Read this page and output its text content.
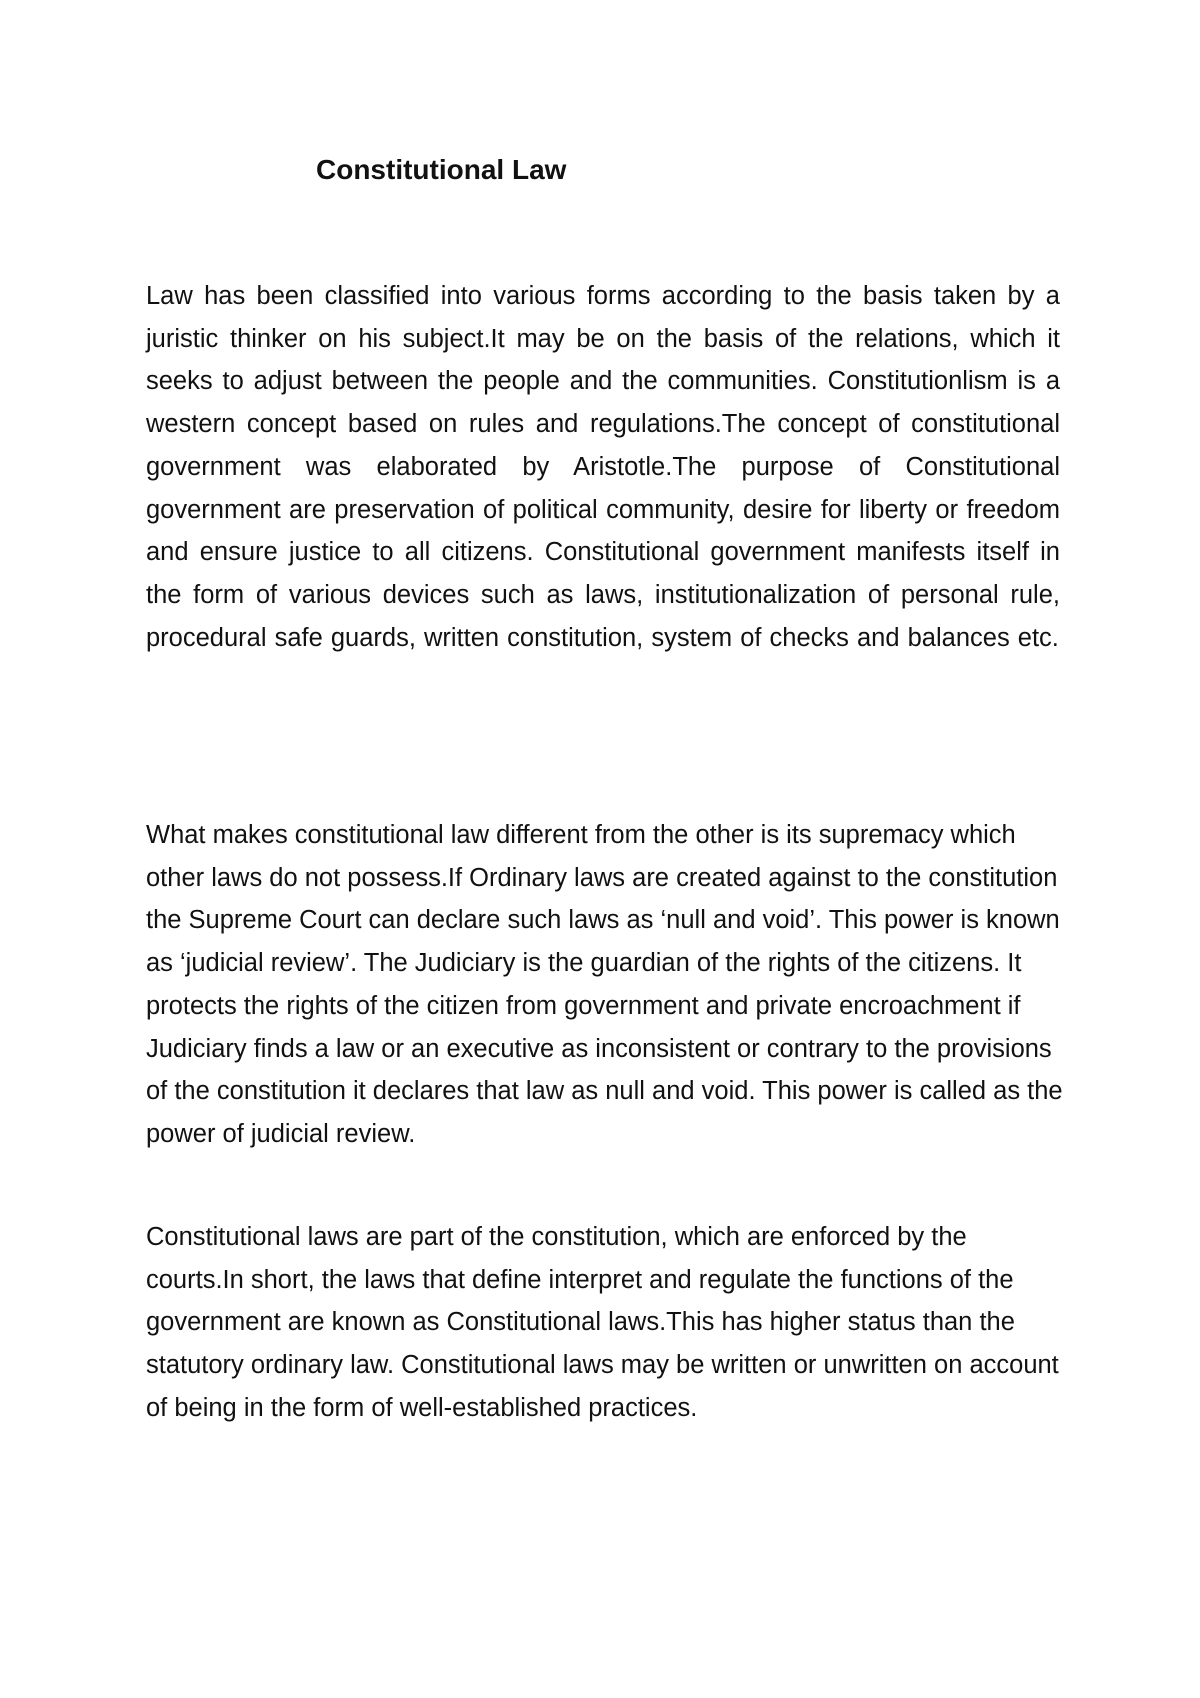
Constitutional Law

Law has been classified into various forms according to the basis taken by a juristic thinker on his subject.It may be on the basis of the relations, which it seeks to adjust between the people and the communities. Constitutionlism is a western concept based on rules and regulations.The concept of constitutional government was elaborated by Aristotle.The purpose of Constitutional government are preservation of political community, desire for liberty or freedom and ensure justice to all citizens. Constitutional government manifests itself in the form of various devices such as laws, institutionalization of personal rule, procedural safe guards, written constitution, system of checks and balances etc.

What makes constitutional law different from the other is its supremacy which other laws do not possess.If Ordinary laws are created against to the constitution the Supreme Court can declare such laws as ‘null and void’. This power is known as ‘judicial review’. The Judiciary is the guardian of the rights of the citizens. It protects the rights of the citizen from government and private encroachment if Judiciary finds a law or an executive as inconsistent or contrary to the provisions of the constitution it declares that law as null and void. This power is called as the power of judicial review.

Constitutional laws are part of the constitution, which are enforced by the courts.In short, the laws that define interpret and regulate the functions of the government are known as Constitutional laws.This has higher status than the statutory ordinary law. Constitutional laws may be written or unwritten on account of being in the form of well-established practices.
